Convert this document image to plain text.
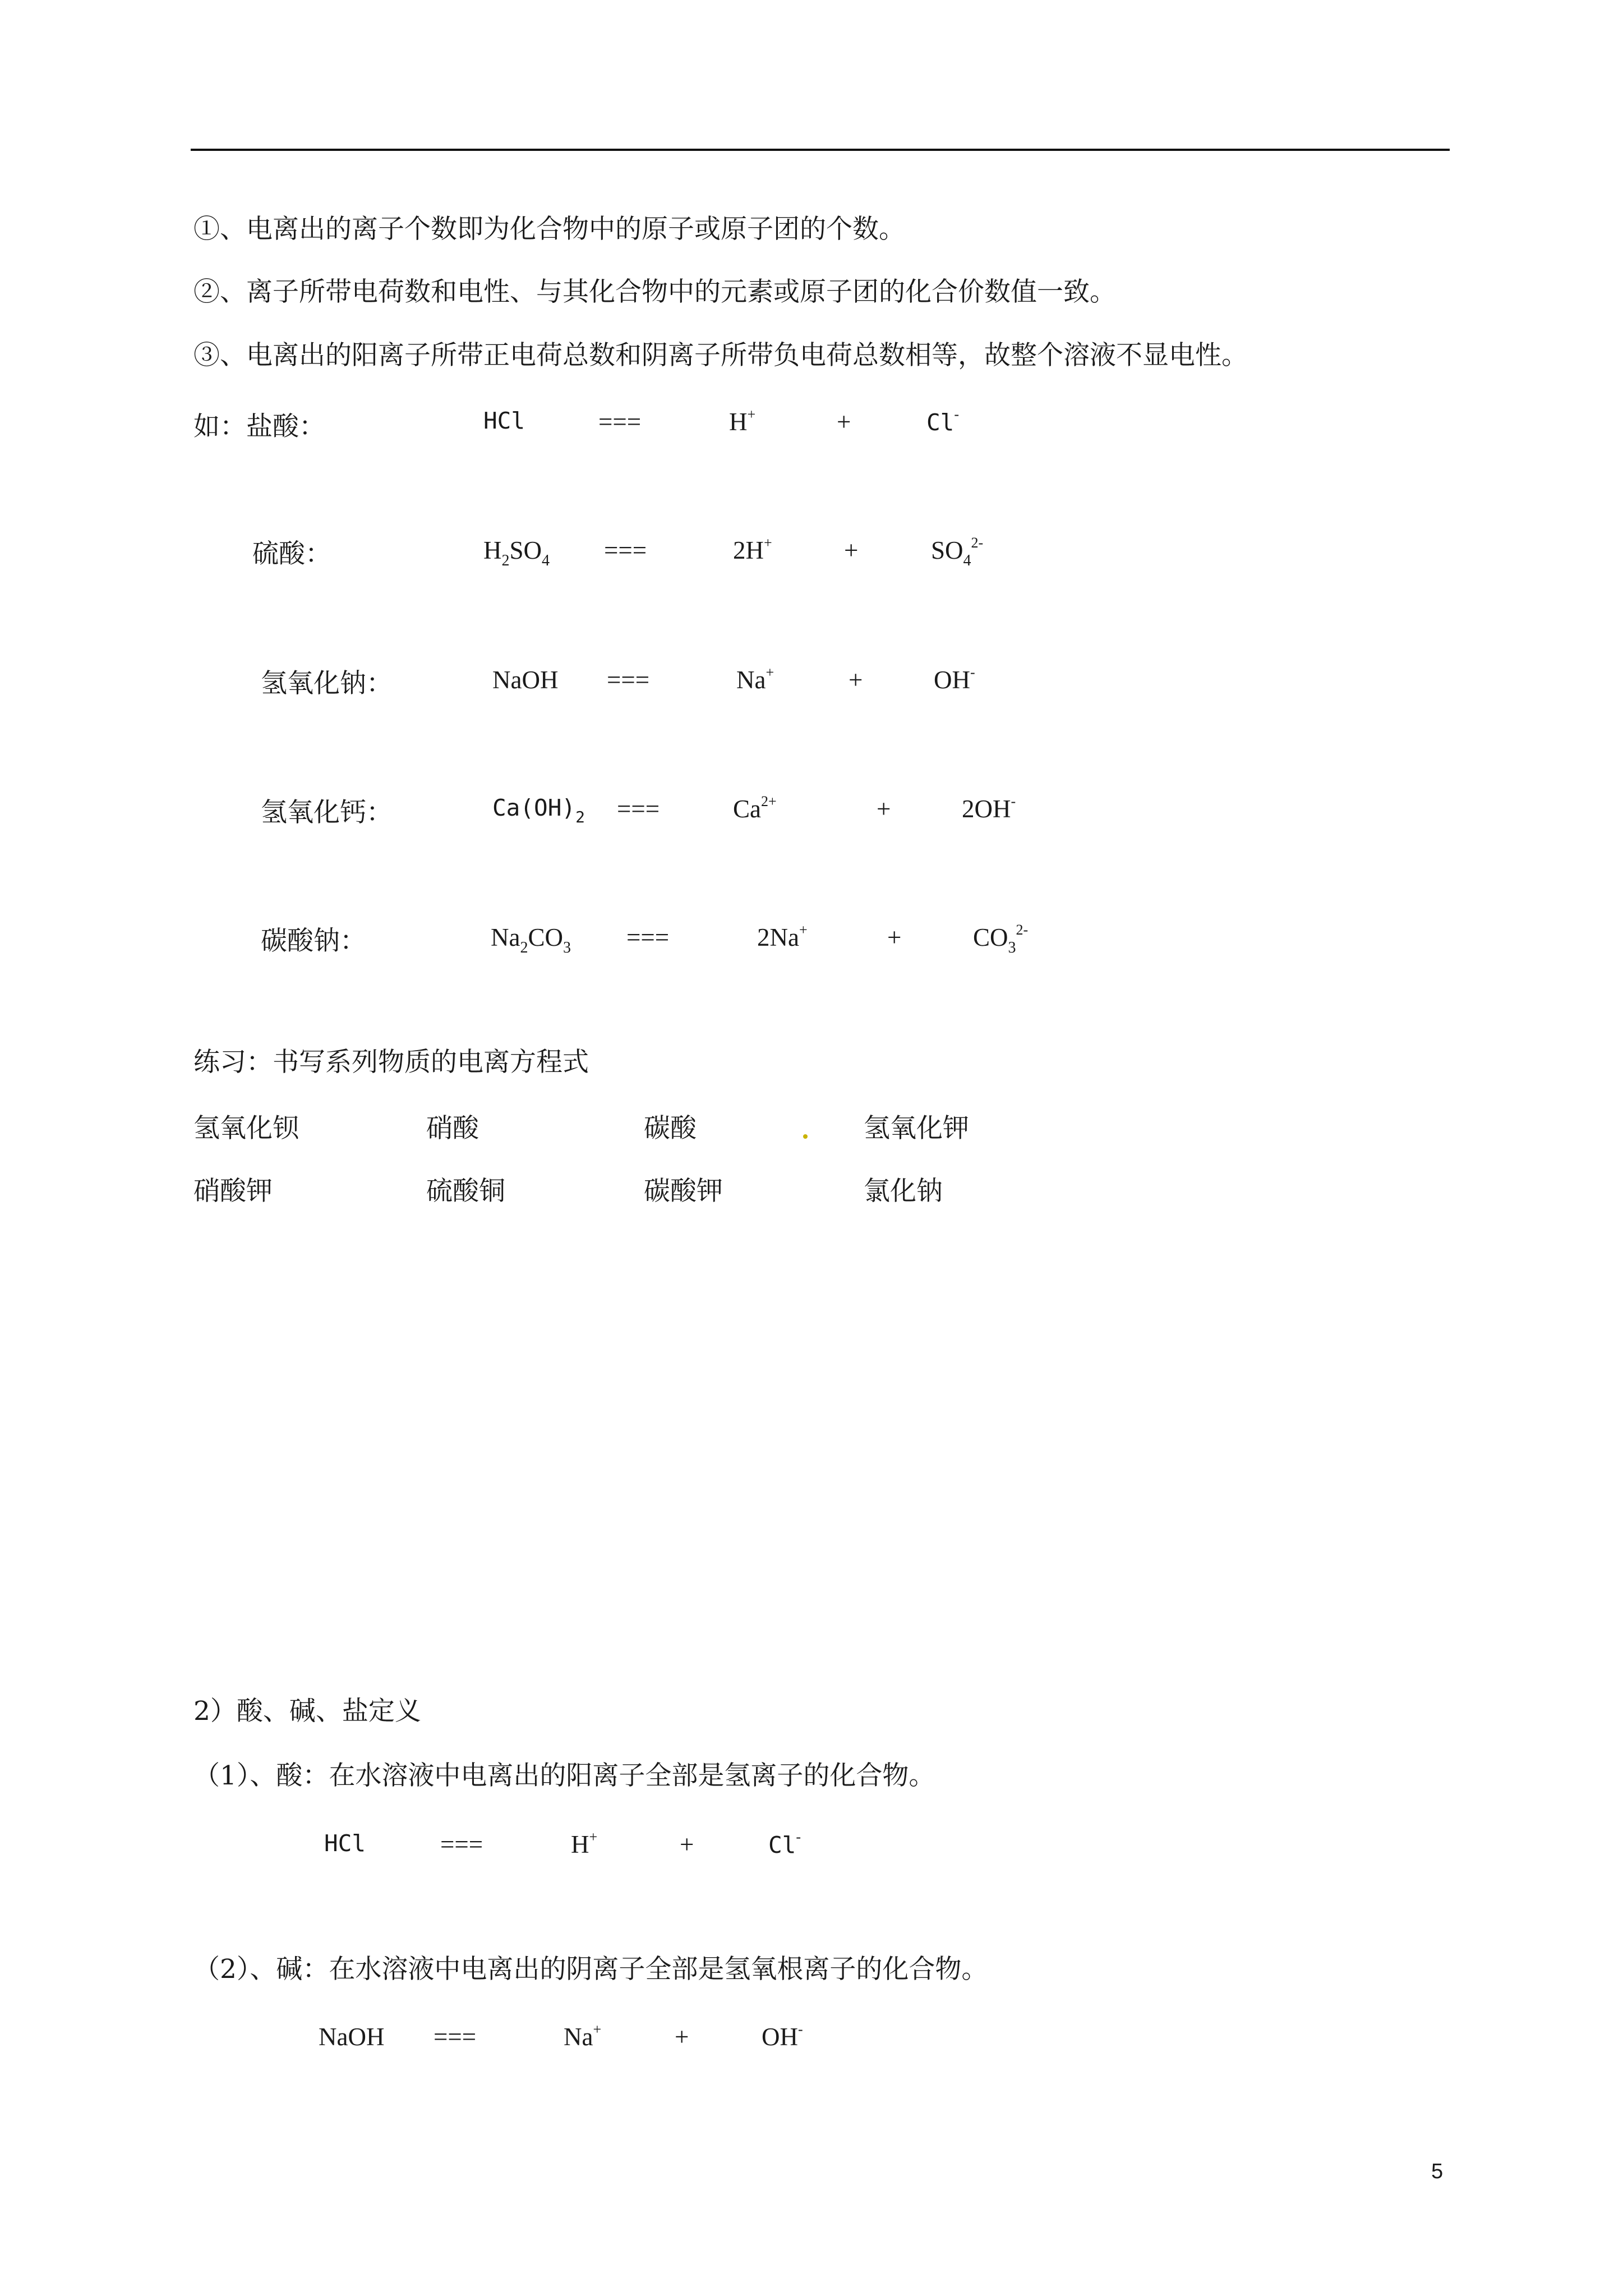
①、电离出的离子个数即为化合物中的原子或原子团的个数。
②、离子所带电荷数和电性、与其化合物中的元素或原子团的化合价数值一致。
③、电离出的阳离子所带正电荷总数和阴离子所带负电荷总数相等，故整个溶液不显电性。
如：盐酸：	HCl	===	H+	+	Cl-
硫酸：	$H_2SO_4$ ===	2H+	+	$SO_4^{2-}$
氢氧化钠：	NaOH ===	Na+	+	OH-
氢氧化钙：	$Ca(OH)_2$ ===	$Ca^{2+}$	+	2OH-
碳酸钠：	$Na_2CO_3$ ===	2Na+	+	$CO_3^{2-}$
练习：书写系列物质的电离方程式
氢氧化钡	硝酸	碳酸	氢氧化钾
硝酸钾	硫酸铜	碳酸钾	氯化钠
2）酸、碱、盐定义
（1）、酸：在水溶液中电离出的阳离子全部是氢离子的化合物。
HCl	===	H+	+	Cl-
（2）、碱：在水溶液中电离出的阴离子全部是氢氧根离子的化合物。
NaOH ===	Na+	+	OH-
5
